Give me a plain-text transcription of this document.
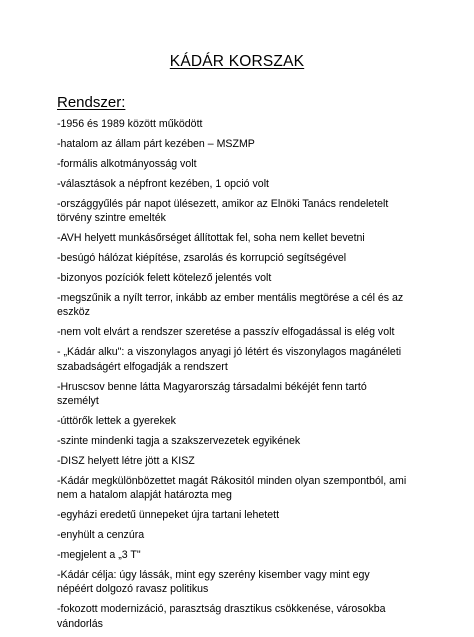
KÁDÁR KORSZAK
Rendszer:
-1956 és 1989 között működött
-hatalom az állam párt kezében – MSZMP
-formális alkotmányosság volt
-választások a népfront kezében, 1 opció volt
-országgyűlés pár napot ülésezett, amikor az Elnöki Tanács rendeletelt
törvény szintre emelték
-AVH helyett munkásőrséget állítottak fel, soha nem kellet bevetni
-besúgó hálózat kiépítése, zsarolás és korrupció segítségével
-bizonyos pozíciók felett kötelező jelentés volt
-megszűnik a nyílt terror, inkább az ember mentális megtörése a cél és az
eszköz
-nem volt elvárt a rendszer szeretése a passzív elfogadással is elég volt
- „Kádár alku": a viszonylagos anyagi jó létért és viszonylagos magánéleti
szabadságért elfogadják a rendszert
-Hruscsov benne látta Magyarország társadalmi békéjét fenn tartó
személyt
-úttörők lettek a gyerekek
-szinte mindenki tagja a szakszervezetek egyikének
-DISZ helyett létre jött a KISZ
-Kádár megkülönbözettet magát Rákositól minden olyan szempontból, ami
nem a hatalom alapját határozta meg
-egyházi eredetű ünnepeket újra tartani lehetett
-enyhült a cenzúra
-megjelent a „3 T"
-Kádár célja: úgy lássák, mint egy szerény kisember vagy mint egy
népéért dolgozó ravasz politikus
-fokozott modernizáció, parasztság drasztikus csökkenése, városokba
vándorlás
